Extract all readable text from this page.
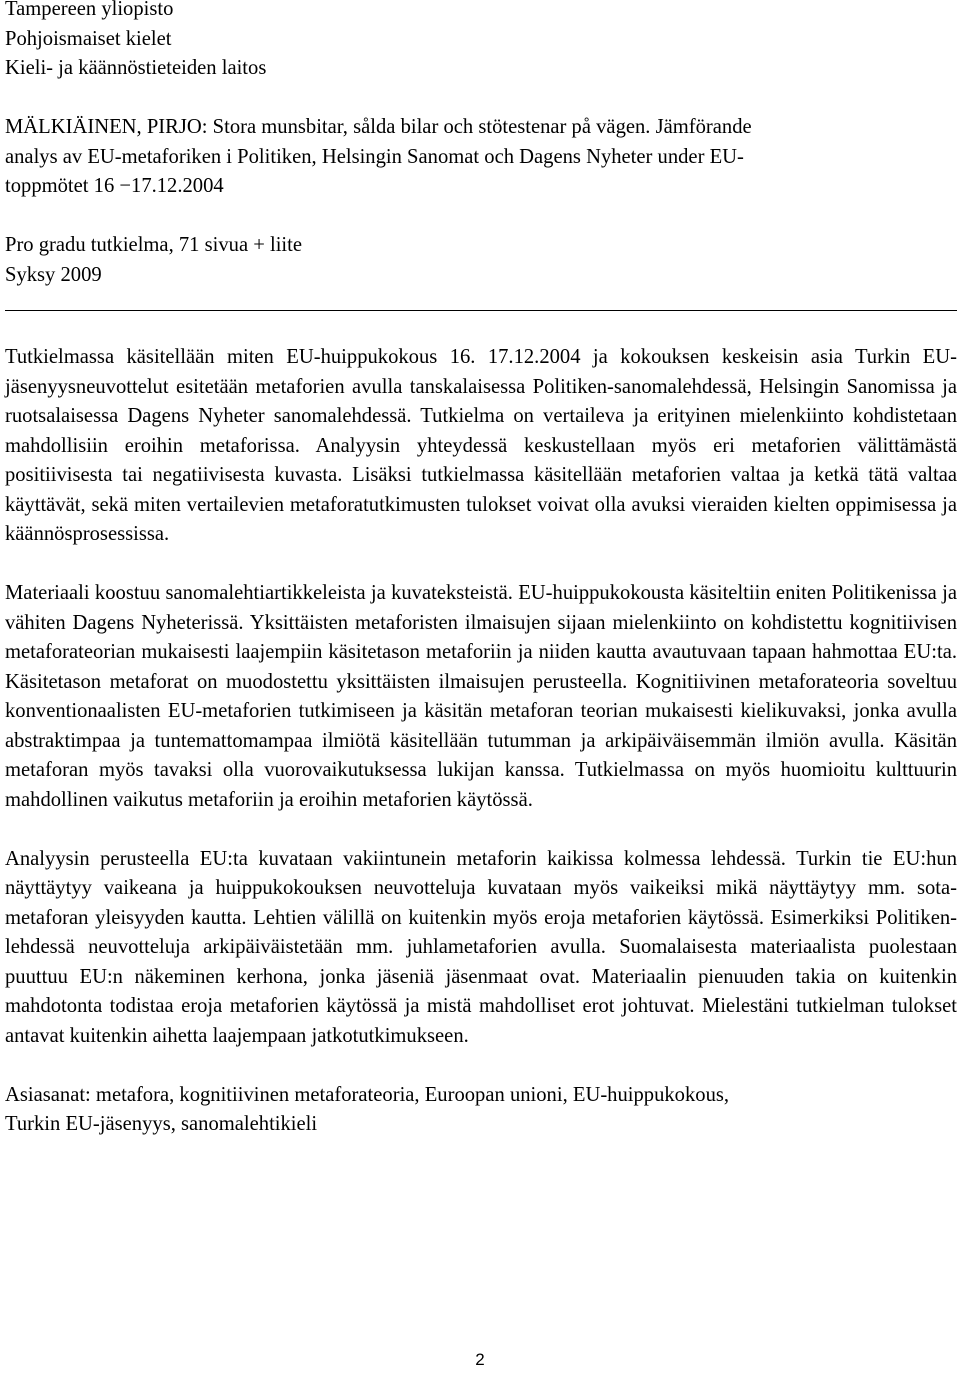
Tampereen yliopisto
Pohjoismaiset kielet
Kieli- ja käännöstieteiden laitos
MÄLKIÄINEN, PIRJO: Stora munsbitar, sålda bilar och stötestenar på vägen. Jämförande
analys av EU-metaforiken i Politiken, Helsingin Sanomat och Dagens Nyheter under EU-
toppmötet 16 −17.12.2004
Pro gradu tutkielma, 71 sivua + liite
Syksy 2009

Tutkielmassa käsitellään miten EU-huippukokous 16. 17.12.2004 ja kokouksen keskeisin asia Turkin EU-jäsenyysneuvottelut esitetään metaforien avulla tanskalaisessa Politiken-sanomalehdessä, Helsingin Sanomissa ja ruotsalaisessa Dagens Nyheter sanomalehdessä. Tutkielma on vertaileva ja erityinen mielenkiinto kohdistetaan mahdollisiin eroihin metaforissa. Analyysin yhteydessä keskustellaan myös eri metaforien välittämästä positiivisesta tai negatiivisesta kuvasta. Lisäksi tutkielmassa käsitellään metaforien valtaa ja ketkä tätä valtaa käyttävät, sekä miten vertailevien metaforatutkimusten tulokset voivat olla avuksi vieraiden kielten oppimisessa ja käännösprosessissa.

Materiaali koostuu sanomalehtiartikkeleista ja kuvateksteistä. EU-huippukokousta käsiteltiin eniten Politikenissa ja vähiten Dagens Nyheterissä. Yksittäisten metaforisten ilmaisujen sijaan mielenkiinto on kohdistettu kognitiivisen metaforateorian mukaisesti laajempiin käsitetason metaforiin ja niiden kautta avautuvaan tapaan hahmottaa EU:ta. Käsitetason metaforat on muodostettu yksittäisten ilmaisujen perusteella. Kognitiivinen metaforateoria soveltuu konventionaalisten EU-metaforien tutkimiseen ja käsitän metaforan teorian mukaisesti kielikuvaksi, jonka avulla abstraktimpaa ja tuntemattomampaa ilmiötä käsitellään tutumman ja arkipäiväisemmän ilmiön avulla. Käsitän metaforan myös tavaksi olla vuorovaikutuksessa lukijan kanssa. Tutkielmassa on myös huomioitu kulttuurin mahdollinen vaikutus metaforiin ja eroihin metaforien käytössä.

Analyysin perusteella EU:ta kuvataan vakiintunein metaforin kaikissa kolmessa lehdessä. Turkin tie EU:hun näyttäytyy vaikeana ja huippukokouksen neuvotteluja kuvataan myös vaikeiksi mikä näyttäytyy mm. sota-metaforan yleisyyden kautta. Lehtien välillä on kuitenkin myös eroja metaforien käytössä. Esimerkiksi Politiken-lehdessä neuvotteluja arkipäiväistetään mm. juhlametaforien avulla. Suomalaisesta materiaalista puolestaan puuttuu EU:n näkeminen kerhona, jonka jäseniä jäsenmaat ovat. Materiaalin pienuuden takia on kuitenkin mahdotonta todistaa eroja metaforien käytössä ja mistä mahdolliset erot johtuvat. Mielestäni tutkielman tulokset antavat kuitenkin aihetta laajempaan jatkotutkimukseen.

Asiasanat: metafora, kognitiivinen metaforateoria, Euroopan unioni, EU-huippukokous,
Turkin EU-jäsenyys, sanomalehtikieli
2
